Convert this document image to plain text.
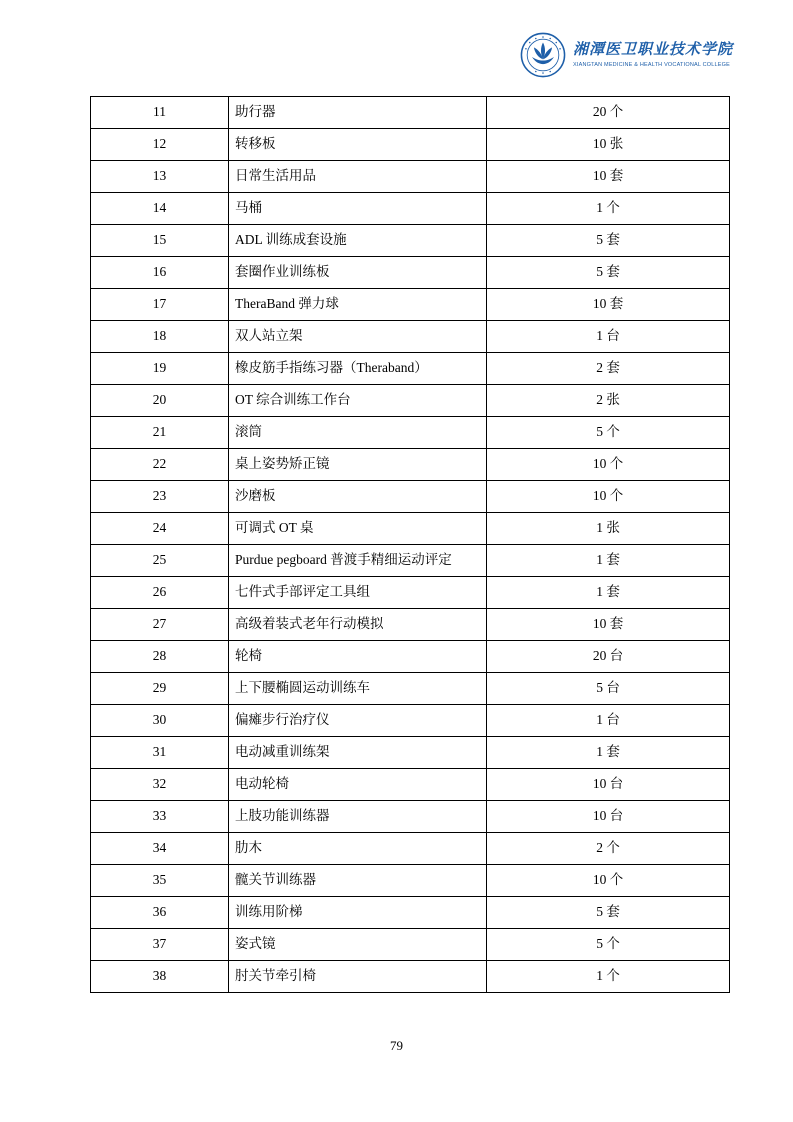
湘潭医卫职业技术学院
XIANGTAN MEDICINE & HEALTH VOCATIONAL COLLEGE
11	助行器	20 个
12	转移板	10 张
13	日常生活用品	10 套
14	马桶	1 个
15	ADL 训练成套设施	5 套
16	套圈作业训练板	5 套
17	TheraBand 弹力球	10 套
18	双人站立架	1 台
19	橡皮筋手指练习器（Theraband）	2 套
20	OT 综合训练工作台	2 张
21	滚筒	5 个
22	桌上姿势矫正镜	10 个
23	沙磨板	10 个
24	可调式 OT 桌	1 张
25	Purdue pegboard 普渡手精细运动评定	1 套
26	七件式手部评定工具组	1 套
27	高级着装式老年行动模拟	10 套
28	轮椅	20 台
29	上下腰椭圆运动训练车	5 台
30	偏瘫步行治疗仪	1 台
31	电动减重训练架	1 套
32	电动轮椅	10 台
33	上肢功能训练器	10 台
34	肋木	2 个
35	髋关节训练器	10 个
36	训练用阶梯	5 套
37	姿式镜	5 个
38	肘关节牵引椅	1 个
79
